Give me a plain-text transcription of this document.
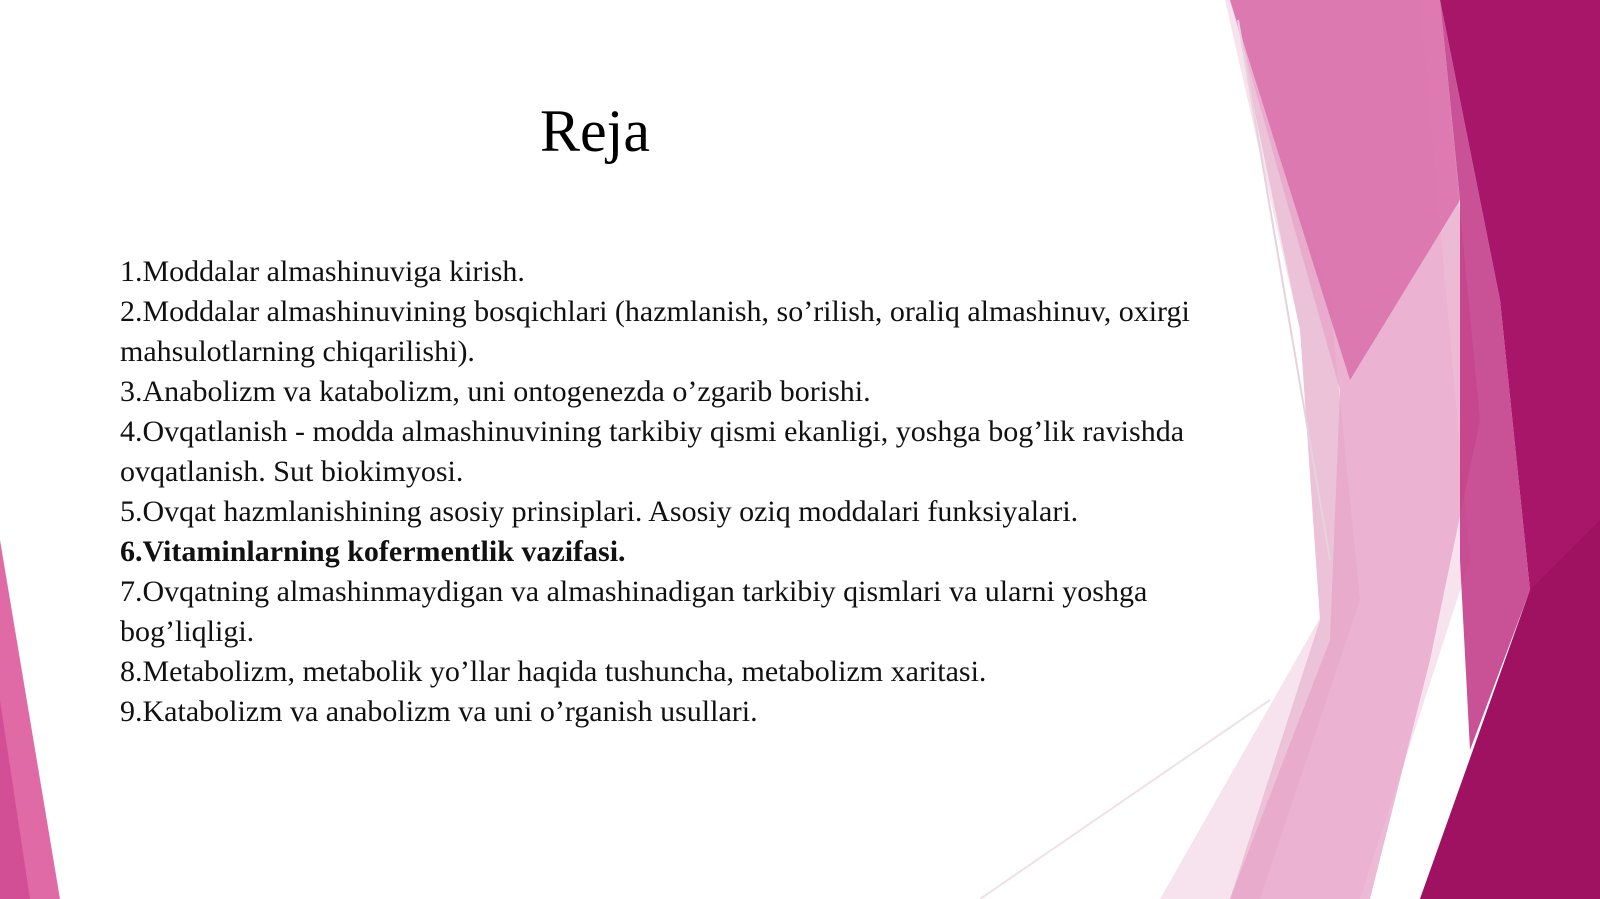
Reja
1.Moddalar almashinuviga kirish.
2.Moddalar almashinuvining bosqichlari (hazmlanish, so’rilish, oraliq almashinuv, oxirgi mahsulotlarning chiqarilishi).
3.Anabolizm va katabolizm, uni ontogenezda o’zgarib borishi.
4.Ovqatlanish - modda almashinuvining tarkibiy qismi ekanligi, yoshga bog’lik ravishda ovqatlanish. Sut biokimyosi.
5.Ovqat hazmlanishining asosiy prinsiplari. Asosiy oziq moddalari funksiyalari.
6.Vitaminlarning kofermentlik vazifasi.
7.Ovqatning almashinmaydigan va almashinadigan tarkibiy qismlari va ularni yoshga bog’liqligi.
8.Metabolizm, metabolik yo’llar haqida tushuncha, metabolizm xaritasi.
9.Katabolizm va anabolizm va uni o’rganish usullari.
